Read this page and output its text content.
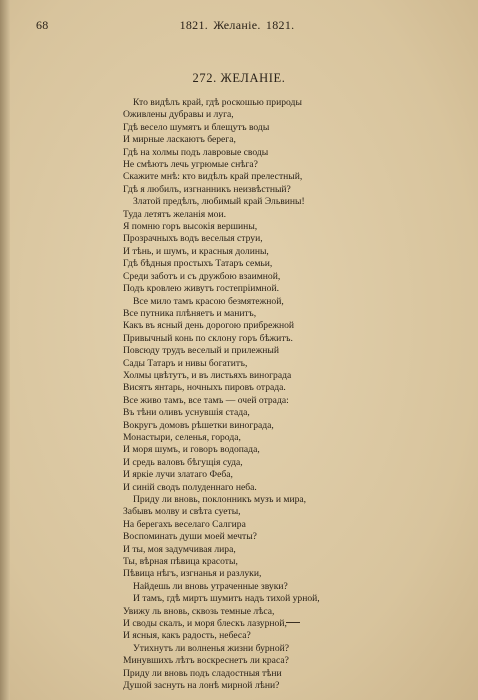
68	1821. Желаніе. 1821.
272. ЖЕЛАНІЕ.
Кто видѣлъ край, гдѣ роскошью природы
Оживлены дубравы и луга,
Гдѣ весело шумятъ и блещутъ воды
И мирные ласкаютъ берега,
Гдѣ на холмы подъ лавровые своды
Не смѣютъ лечь угрюмые снѣга?
Скажите мнѣ: кто видѣлъ край прелестный,
Гдѣ я любилъ, изгнанникъ неизвѣстный?
Златой предѣлъ, любимый край Эльвины!
Туда летятъ желанія мои.
Я помню горъ высокія вершины,
Прозрачныхъ водъ веселыя струи,
И тѣнь, и шумъ, и красныя долины,
Гдѣ бѣдныя простыхъ Татаръ семьи,
Среди заботъ и съ дружбою взаимной,
Подъ кровлею живутъ гостепріимной.
Все мило тамъ красою безмятежной,
Все путника плѣняетъ и манитъ,
Какъ въ ясный день дорогою прибрежной
Привычный конь по склону горъ бѣжитъ.
Повсюду трудъ веселый и прилежный
Сады Татаръ и нивы богатитъ,
Холмы цвѣтутъ, и въ листьяхъ винограда
Висятъ янтарь, ночныхъ пировъ отрада.
Все живо тамъ, все тамъ — очей отрада:
Въ тѣни оливъ уснувшія стада,
Вокругъ домовъ рѣшетки винограда,
Монастыри, селенья, города,
И моря шумъ, и говоръ водопада,
И средь валовъ бѣгущія суда,
И яркіе лучи златаго Феба,
И синій сводъ полуденнаго неба.
Приду ли вновь, поклонникъ музъ и мира,
Забывъ молву и свѣта суеты,
На берегахъ веселаго Салгира
Воспоминать души моей мечты?
И ты, моя задумчивая лира,
Ты, вѣрная пѣвица красоты,
Пѣвица нѣгъ, изгнанья и разлуки,
Найдешь ли вновь утраченные звуки?
И тамъ, гдѣ миртъ шумитъ надъ тихой урной,
Увижу ль вновь, сквозь темные лѣса,
И своды скалъ, и моря блескъ лазурной,
И ясныя, какъ радость, небеса?
Утихнутъ ли волненья жизни бурной?
Минувшихъ лѣтъ воскреснетъ ли краса?
Приду ли вновь подъ сладостныя тѣни
Душой заснуть на лонѣ мирной лѣни?
